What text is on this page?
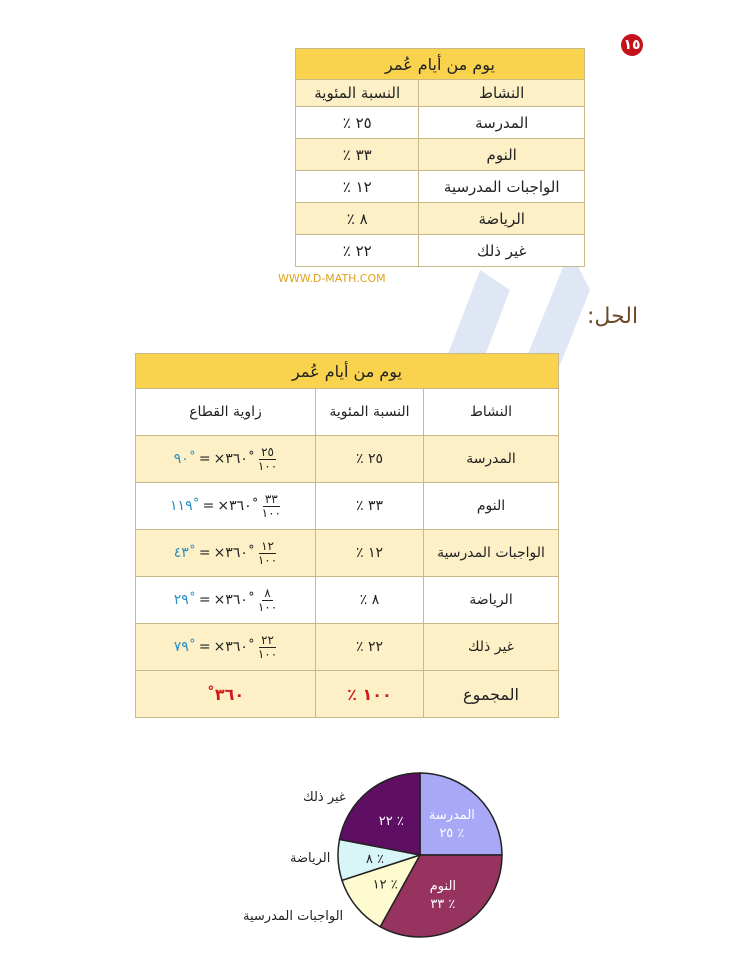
١٥
يوم من أيام عُمر	
النشاط	النسبة المئوية
المدرسة	٢٥ ٪
النوم	٣٣ ٪
الواجبات المدرسية	١٢ ٪
الرياضة	٨ ٪
غير ذلك	٢٢ ٪
WWW.D-MATH.COM
الحل:
يوم من أيام عُمر		
النشاط	النسبة المئوية	زاوية القطاع
المدرسة	٢٥ ٪	٩٠˚ = ×٣٦٠˚ $\frac{٢٥}{١٠٠}$

النوم	٣٣ ٪	١١٩˚ = ×٣٦٠˚ $\frac{٣٣}{١٠٠}$

الواجبات المدرسية	١٢ ٪	٤٣˚ = ×٣٦٠˚ $\frac{١٢}{١٠٠}$

الرياضة	٨ ٪	٢٩˚ = ×٣٦٠˚ $\frac{٨}{١٠٠}$

غير ذلك	٢٢ ٪	٧٩˚ = ×٣٦٠˚ $\frac{٢٢}{١٠٠}$

المجموع	١٠٠ ٪	٣٦٠˚
المدرسة
٢٥ ٪
النوم
٣٣ ٪
١٢ ٪
٨ ٪
٢٢ ٪
غير ذلك
الرياضة
الواجبات المدرسية
